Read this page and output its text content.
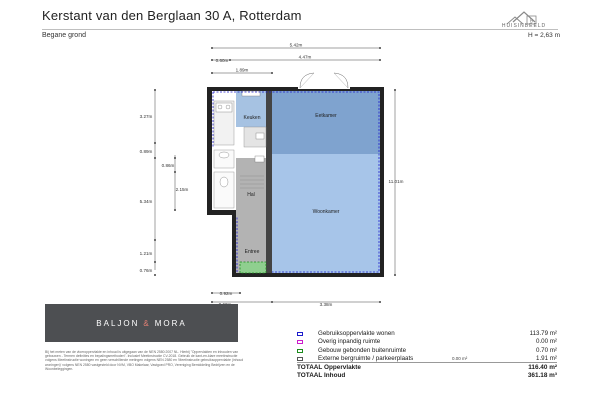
Kerstant van den Berglaan 30 A, Rotterdam
Begane grond	H = 2,63 m
B
HUISINBEELD
Keuken	Eetkamer
Hal
Woonkamer
Entree
5.42m
0.60m
4.47m
1.89m
3.27m
0.89m
0.86m
2.15m
5.34m
1.21m
0.76m
11.01m
0.92m
3.38m
BALJON & MORA
Bij het meten van de vloeroppervlakte en inhoud is uitgegaan van de NEN 2580:2007 NL. Hierbij "Oppervlakten en inhouden van gebouwen - Termen definities en bepalingsmethoden". Inclusief Meetinstructie CV-2018. Gebruik de kant-en-klare meetinstructie volgens Meetinstructie woningen en geen verschillende metingen volgens NEN 2580 en 'Meetinstructie gebruiksoppervlakte (inhoud woningen)' volgens NEN 2580 vastgesteld door NVM, VBO Makelaar, Vastgoed PRO, Vereniging Bemiddeling Bedrijven en de Woonbeleggingen.
Gebruiksoppervlakte wonen	113.79 m²
Overig inpandig ruimte	0.00 m²
Gebouw gebonden buitenruimte	0.70 m²
Externe bergruimte / parkeerplaats	0.00 m²	1.91 m²
TOTAAL Oppervlakte	116.40 m²
TOTAAL Inhoud	361.18 m³
